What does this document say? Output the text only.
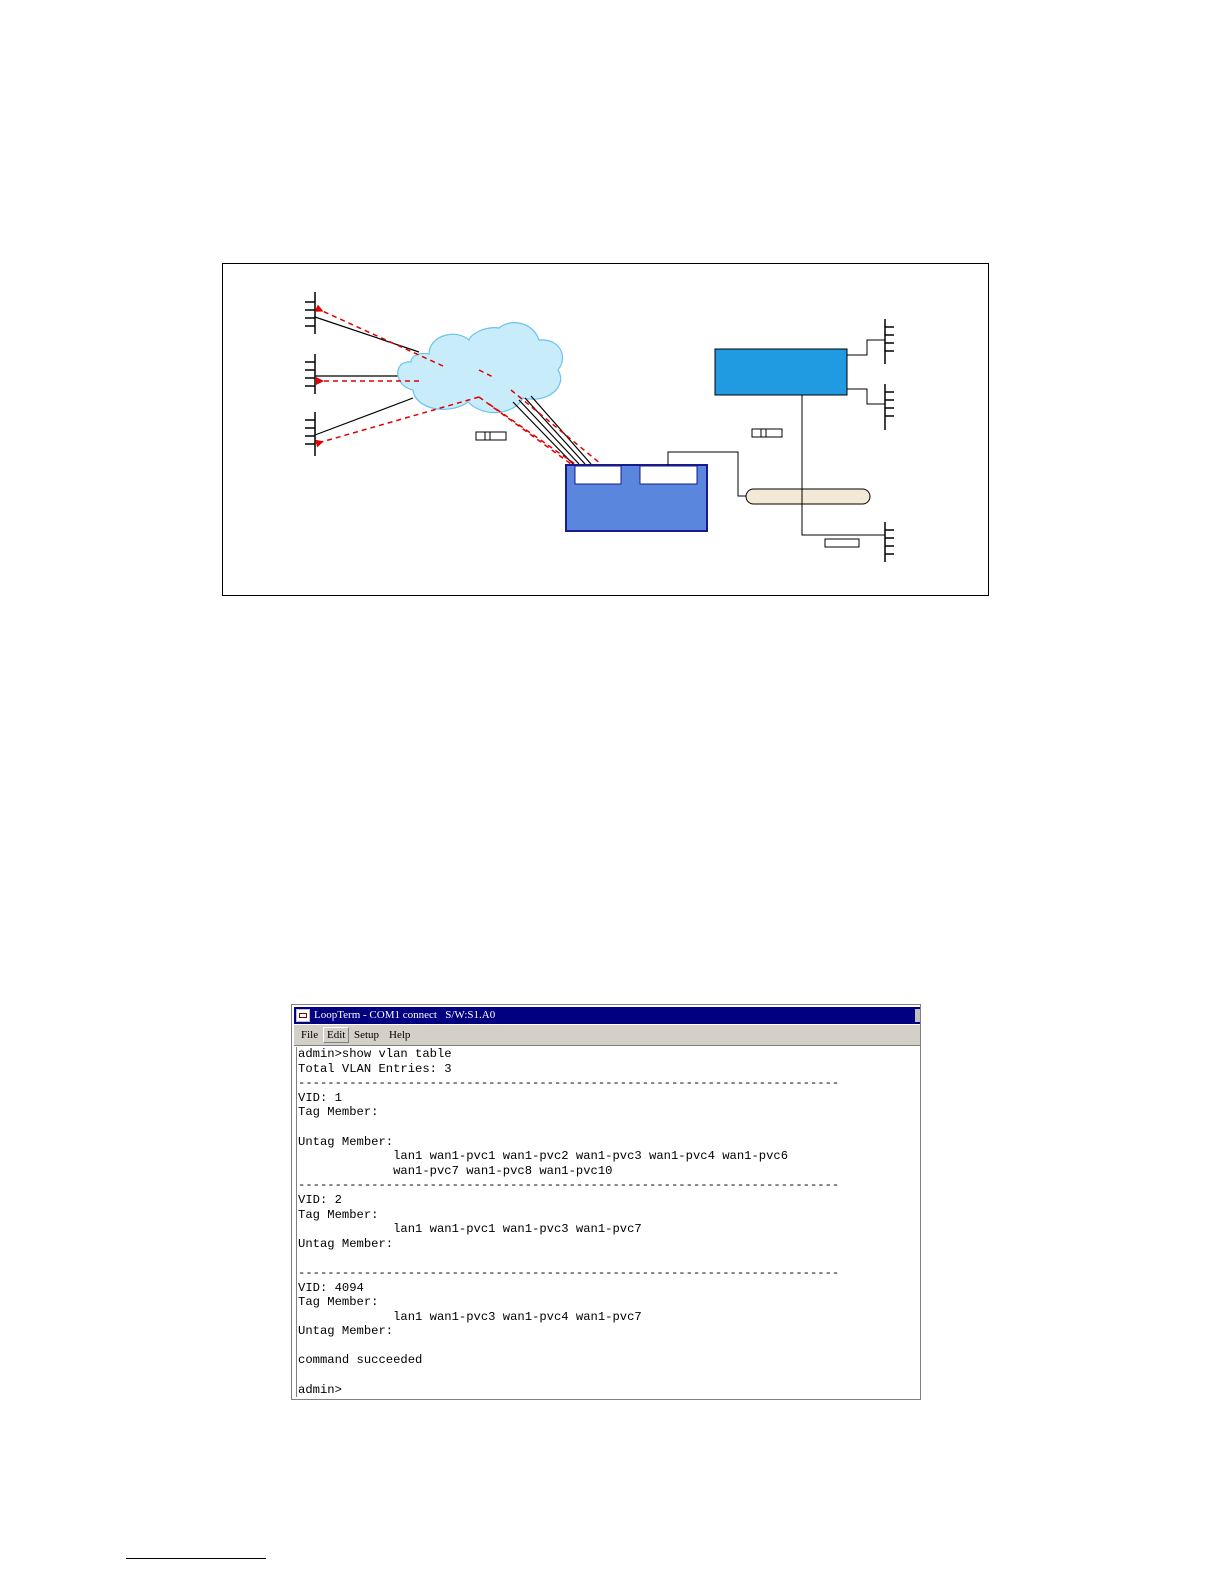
LoopTerm - COM1 connect   S/W:S1.A0
File Edit Setup Help
admin>show vlan table
Total VLAN Entries: 3
--------------------------------------------------------------------------
VID: 1
Tag Member:

Untag Member:
lan1 wan1-pvc1 wan1-pvc2 wan1-pvc3 wan1-pvc4 wan1-pvc6
wan1-pvc7 wan1-pvc8 wan1-pvc10
--------------------------------------------------------------------------
VID: 2
Tag Member:
lan1 wan1-pvc1 wan1-pvc3 wan1-pvc7
Untag Member:

--------------------------------------------------------------------------
VID: 4094
Tag Member:
lan1 wan1-pvc3 wan1-pvc4 wan1-pvc7
Untag Member:

command succeeded

admin>
